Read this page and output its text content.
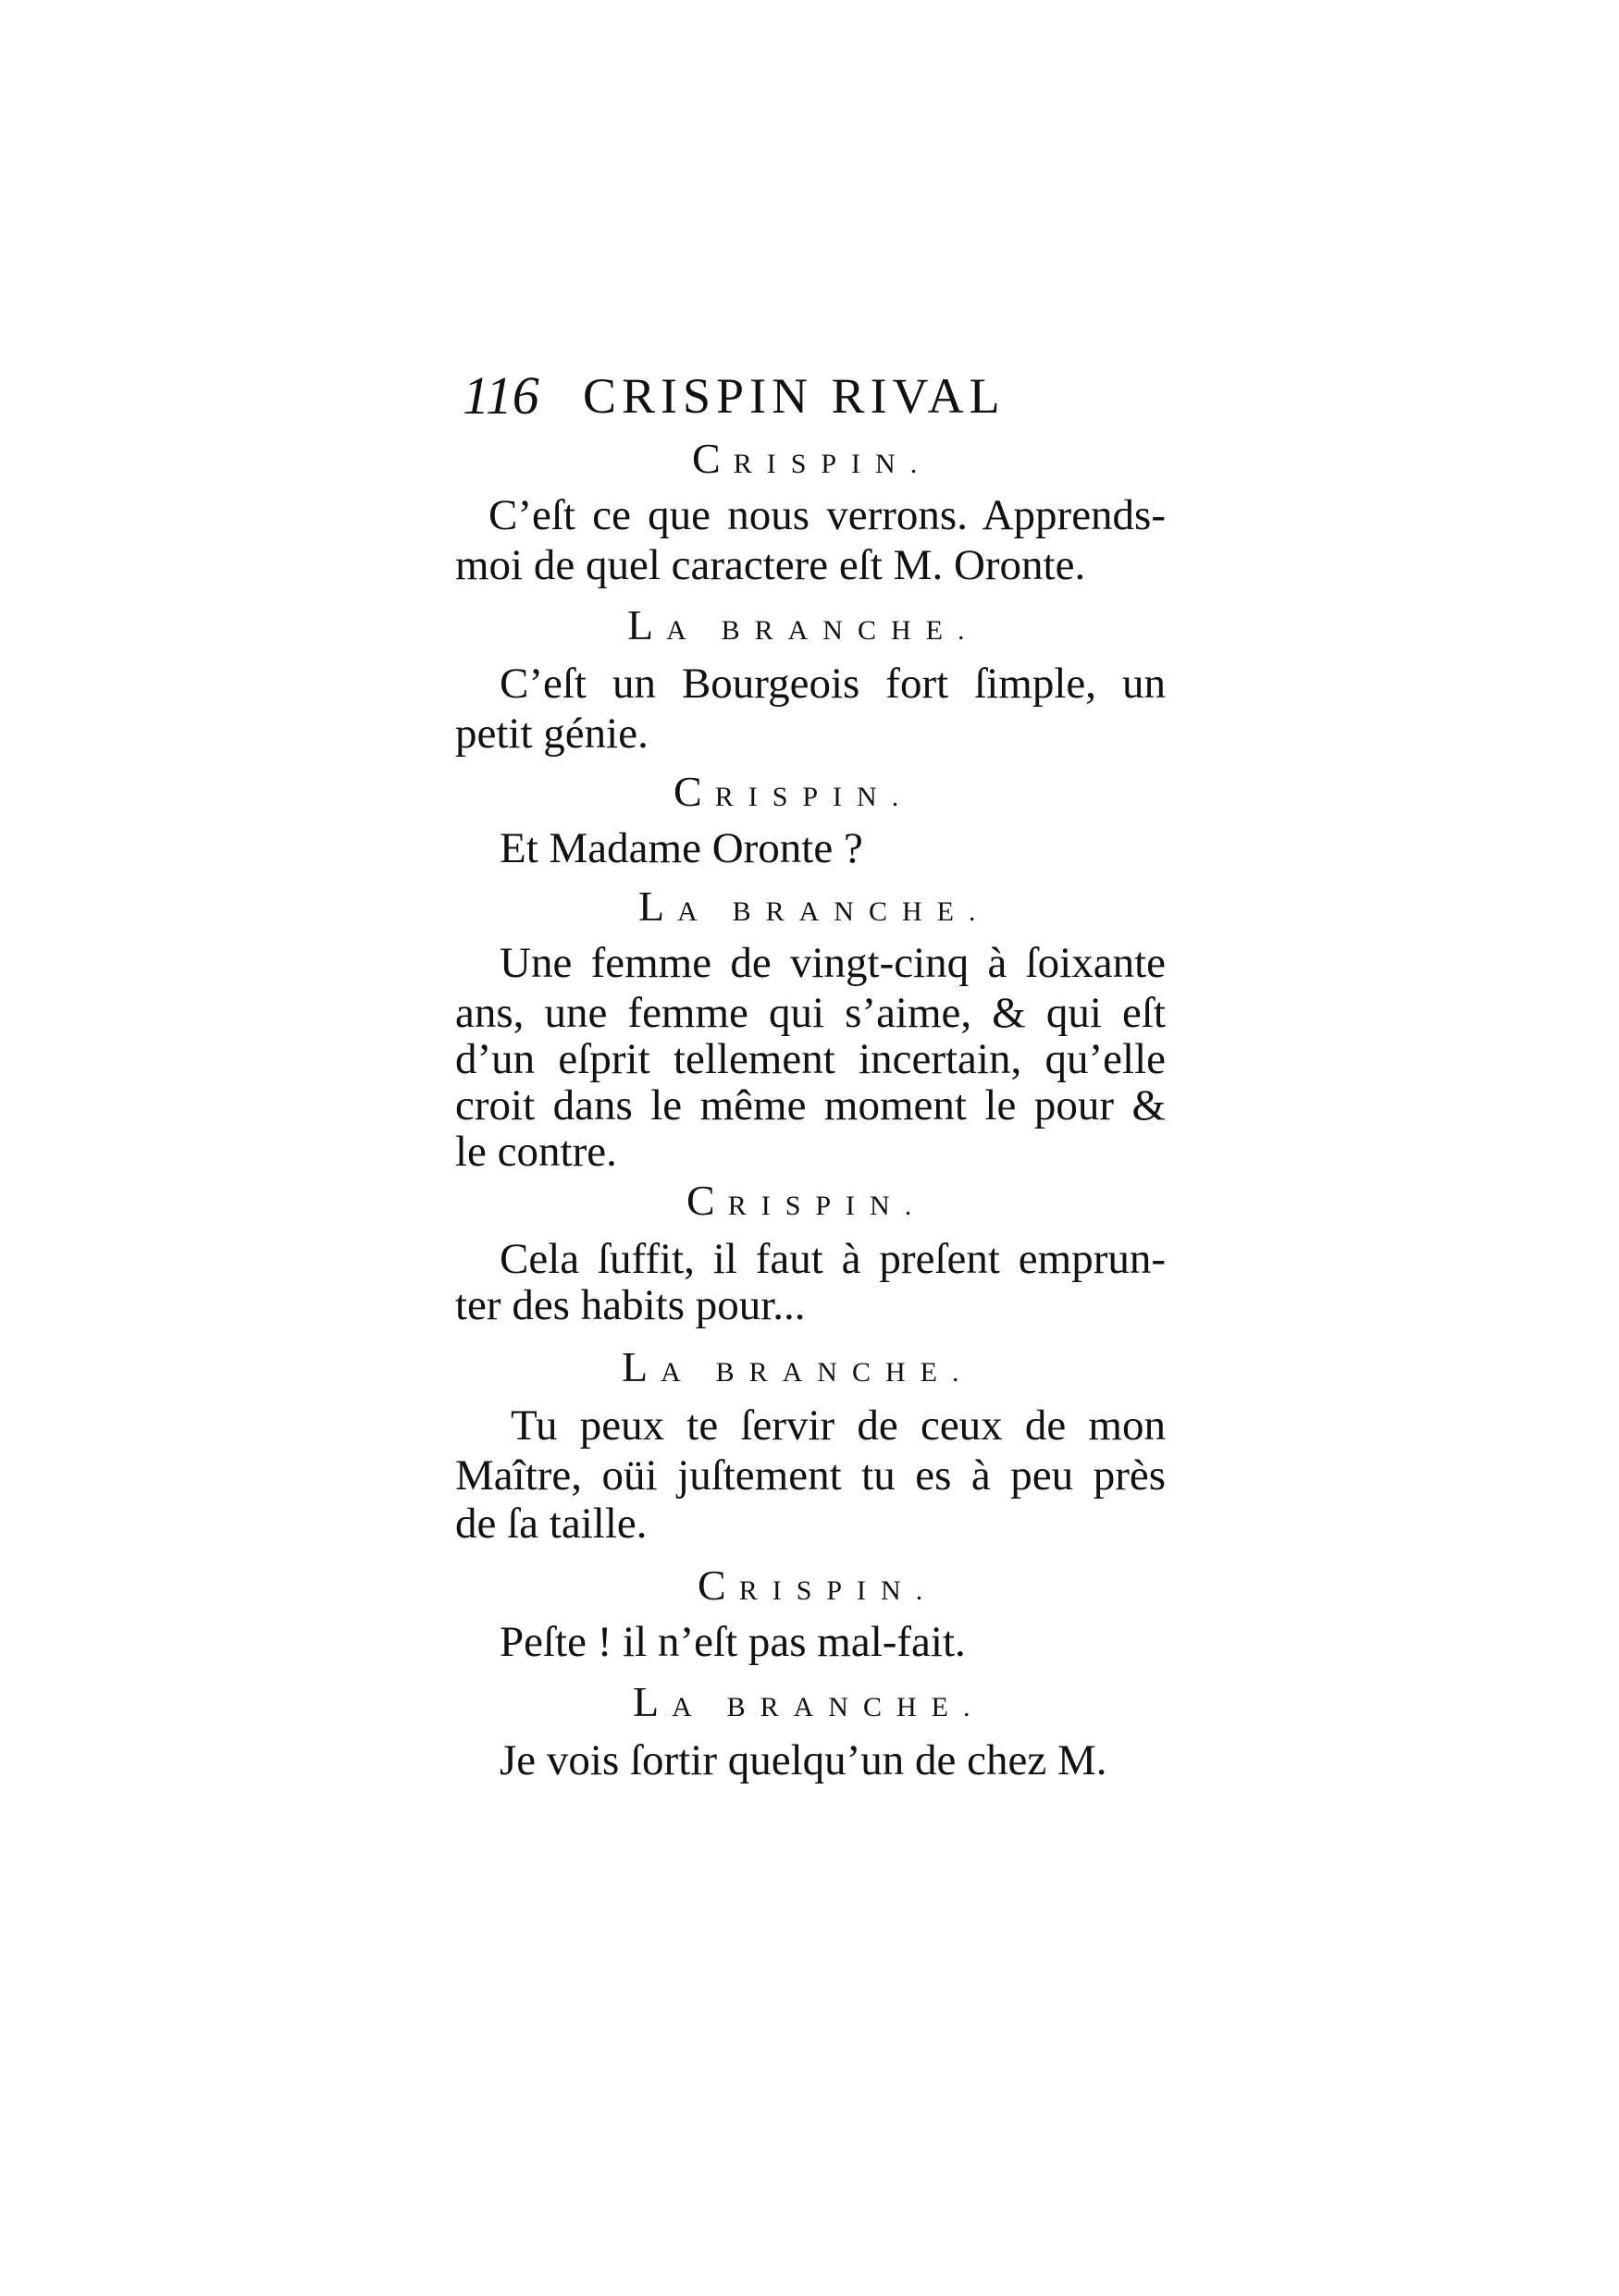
116 CRISPIN RIVAL
CRISPIN.
C’eſt ce que nous verrons. Apprends-
moi de quel caractere eſt M. Oronte.
LA BRANCHE.
C’eſt un Bourgeois fort ſimple, un
petit génie.
CRISPIN.
Et Madame Oronte ?
LA BRANCHE.
Une femme de vingt-cinq à ſoixante
ans, une femme qui s’aime, & qui eſt
d’un eſprit tellement incertain, qu’elle
croit dans le même moment le pour &
le contre.
CRISPIN.
Cela ſuffit, il faut à preſent emprun-
ter des habits pour...
LA BRANCHE.
Tu peux te ſervir de ceux de mon
Maître, oüi juſtement tu es à peu près
de ſa taille.
CRISPIN.
Peſte ! il n’eſt pas mal-fait.
LA BRANCHE.
Je vois ſortir quelqu’un de chez M.
